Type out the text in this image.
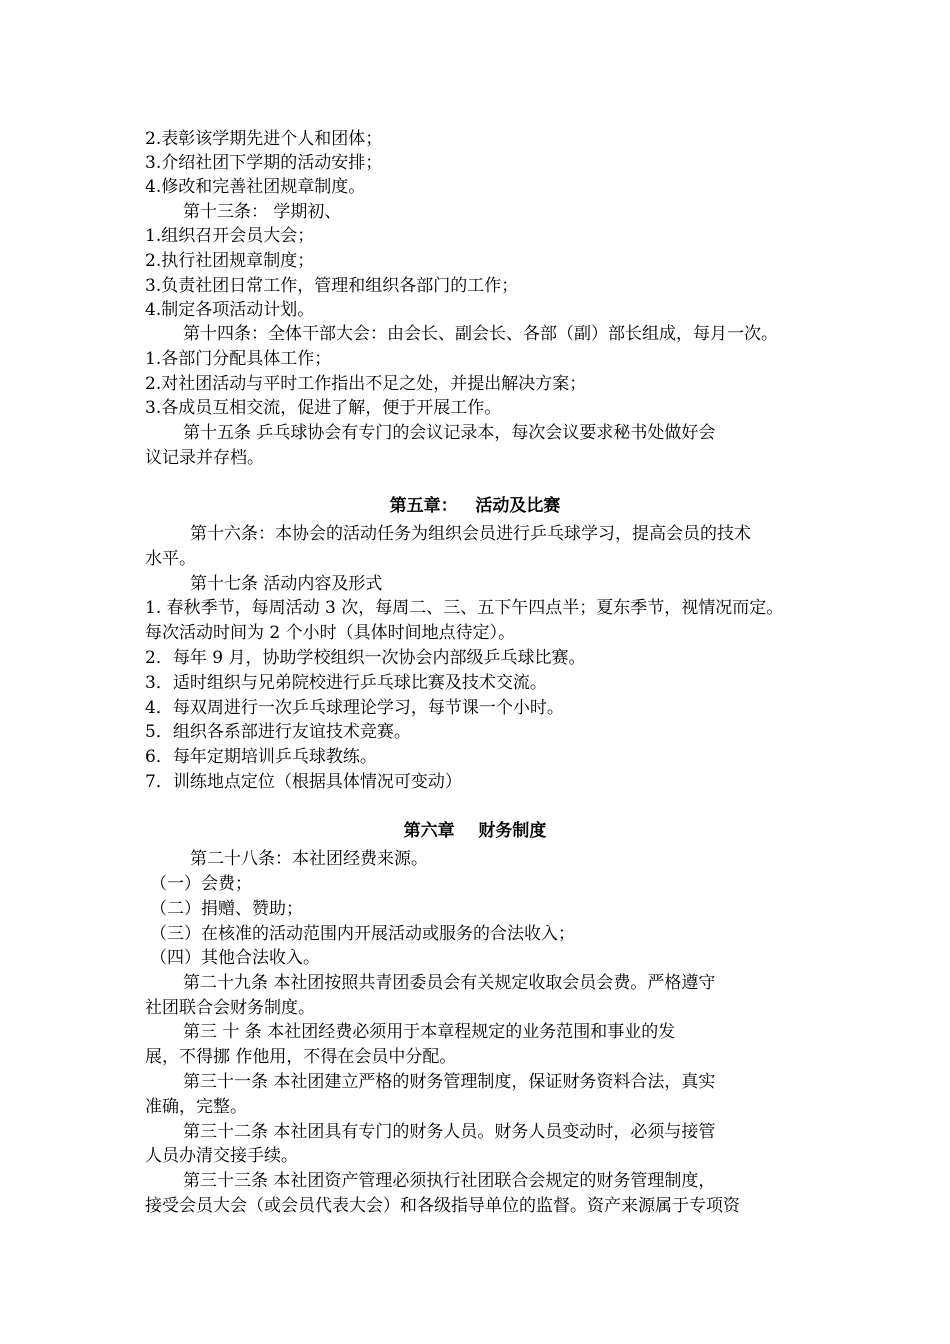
2.表彰该学期先进个人和团体；
3.介绍社团下学期的活动安排；
4.修改和完善社团规章制度。
第十三条： 学期初、
1.组织召开会员大会；
2.执行社团规章制度；
3.负责社团日常工作，管理和组织各部门的工作；
4.制定各项活动计划。
第十四条：全体干部大会：由会长、副会长、各部（副）部长组成，每月一次。
1.各部门分配具体工作；
2.对社团活动与平时工作指出不足之处，并提出解决方案；
3.各成员互相交流，促进了解，便于开展工作。
第十五条 乒乓球协会有专门的会议记录本，每次会议要求秘书处做好会
议记录并存档。
第五章：   活动及比赛
第十六条：本协会的活动任务为组织会员进行乒乓球学习，提高会员的技术
水平。
第十七条 活动内容及形式
1. 春秋季节，每周活动 3 次，每周二、三、五下午四点半；夏东季节，视情况而定。
每次活动时间为 2 个小时（具体时间地点待定）。
2．每年 9 月，协助学校组织一次协会内部级乒乓球比赛。
3．适时组织与兄弟院校进行乒乓球比赛及技术交流。
4．每双周进行一次乒乓球理论学习，每节课一个小时。
5．组织各系部进行友谊技术竞赛。
6．每年定期培训乒乓球教练。
7．训练地点定位（根据具体情况可变动）
第六章    财务制度
第二十八条：本社团经费来源。
（一）会费；
（二）捐赠、赞助；
（三）在核准的活动范围内开展活动或服务的合法收入；
（四）其他合法收入。
第二十九条 本社团按照共青团委员会有关规定收取会员会费。严格遵守
社团联合会财务制度。
第三 十 条 本社团经费必须用于本章程规定的业务范围和事业的发
展，不得挪 作他用，不得在会员中分配。
第三十一条 本社团建立严格的财务管理制度，保证财务资料合法，真实
准确，完整。
第三十二条 本社团具有专门的财务人员。财务人员变动时，必须与接管
人员办清交接手续。
第三十三条 本社团资产管理必须执行社团联合会规定的财务管理制度，
接受会员大会（或会员代表大会）和各级指导单位的监督。资产来源属于专项资
